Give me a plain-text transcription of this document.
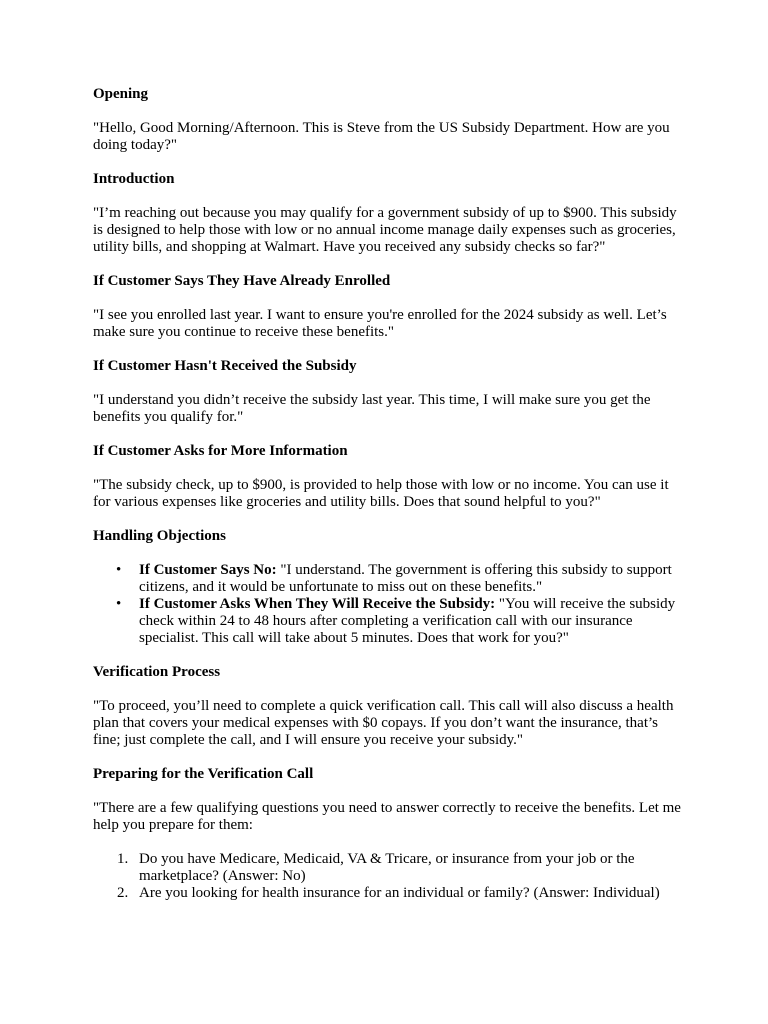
Opening
"Hello, Good Morning/Afternoon. This is Steve from the US Subsidy Department. How are you doing today?"
Introduction
"I’m reaching out because you may qualify for a government subsidy of up to $900. This subsidy is designed to help those with low or no annual income manage daily expenses such as groceries, utility bills, and shopping at Walmart. Have you received any subsidy checks so far?"
If Customer Says They Have Already Enrolled
"I see you enrolled last year. I want to ensure you're enrolled for the 2024 subsidy as well. Let’s make sure you continue to receive these benefits."
If Customer Hasn't Received the Subsidy
"I understand you didn’t receive the subsidy last year. This time, I will make sure you get the benefits you qualify for."
If Customer Asks for More Information
"The subsidy check, up to $900, is provided to help those with low or no income. You can use it for various expenses like groceries and utility bills. Does that sound helpful to you?"
Handling Objections
• If Customer Says No: "I understand. The government is offering this subsidy to support citizens, and it would be unfortunate to miss out on these benefits."
• If Customer Asks When They Will Receive the Subsidy: "You will receive the subsidy check within 24 to 48 hours after completing a verification call with our insurance specialist. This call will take about 5 minutes. Does that work for you?"
Verification Process
"To proceed, you’ll need to complete a quick verification call. This call will also discuss a health plan that covers your medical expenses with $0 copays. If you don’t want the insurance, that’s fine; just complete the call, and I will ensure you receive your subsidy."
Preparing for the Verification Call
"There are a few qualifying questions you need to answer correctly to receive the benefits. Let me help you prepare for them:
1. Do you have Medicare, Medicaid, VA & Tricare, or insurance from your job or the marketplace? (Answer: No)
2. Are you looking for health insurance for an individual or family? (Answer: Individual)
